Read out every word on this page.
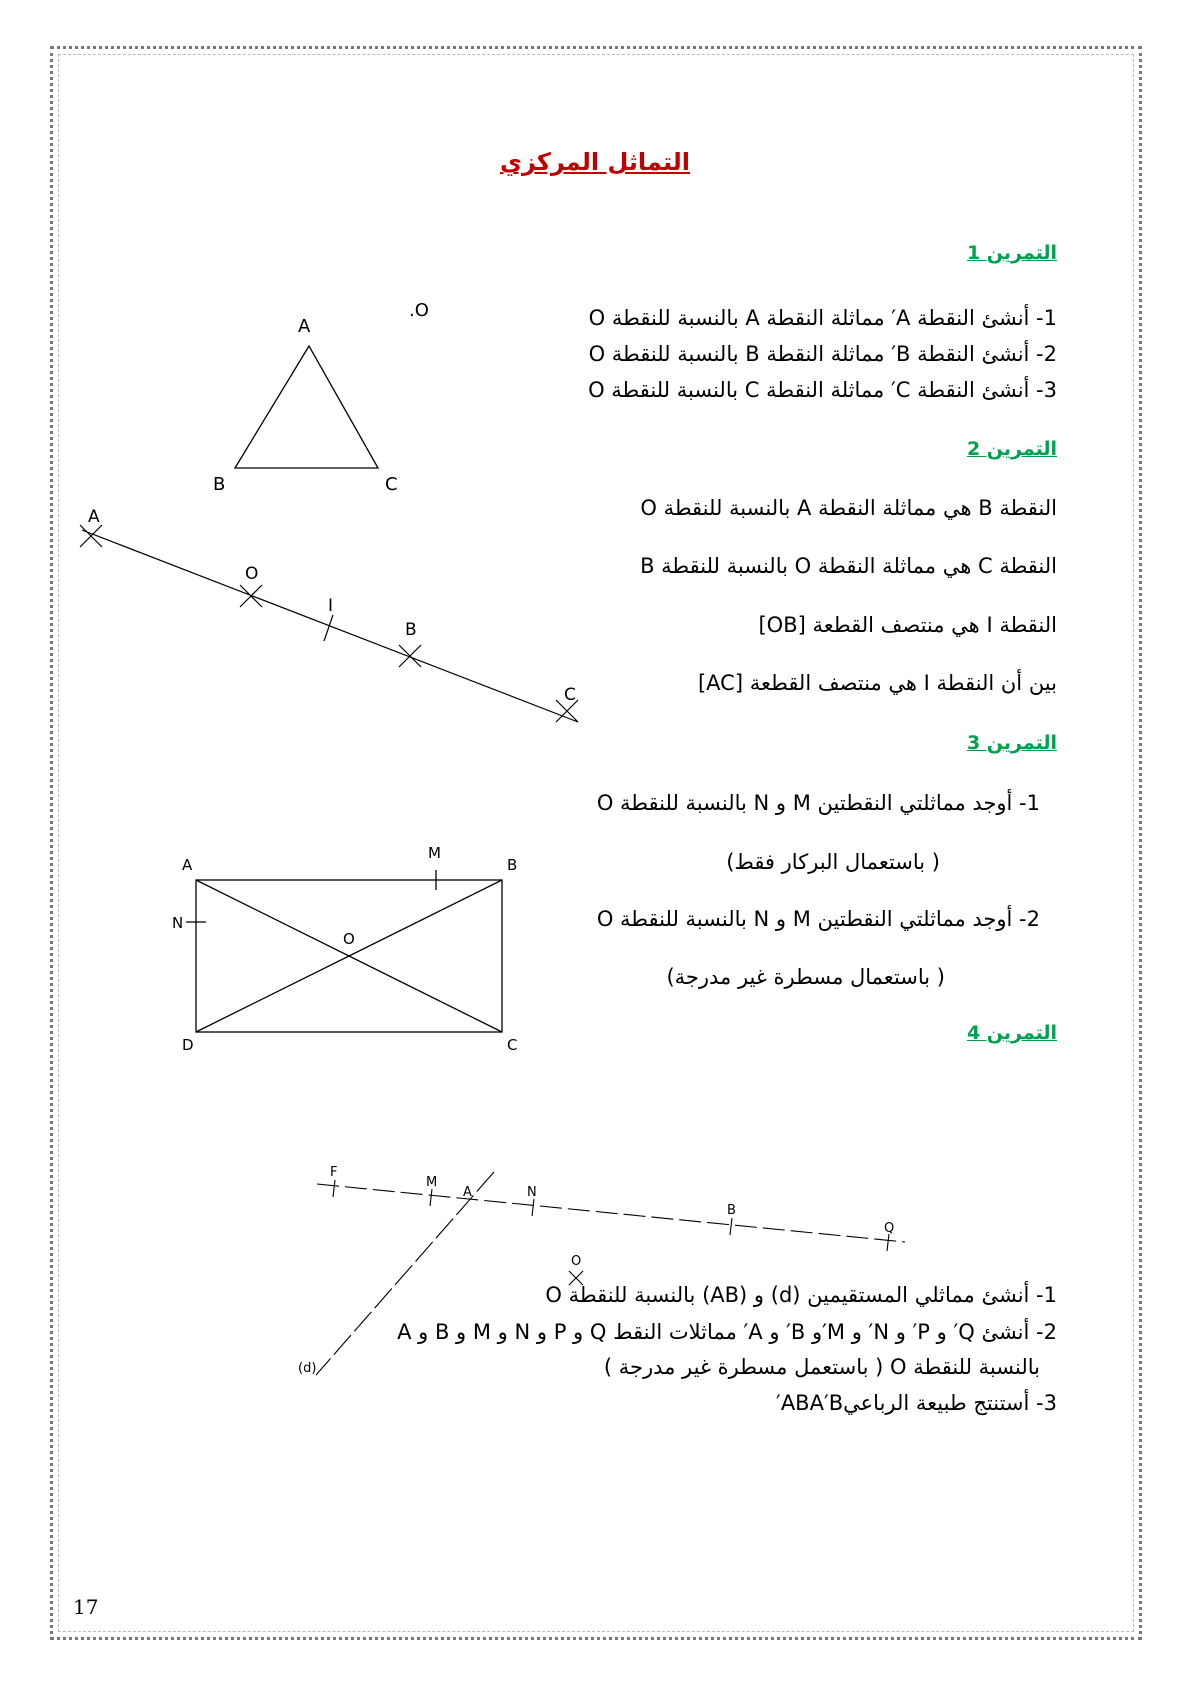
التماثل المركزي
التمرين 1
1- أنشئ النقطة A′ مماثلة النقطة A بالنسبة للنقطة O
2- أنشئ النقطة B′ مماثلة النقطة B بالنسبة للنقطة O
3- أنشئ النقطة C′ مماثلة النقطة C بالنسبة للنقطة O
التمرين 2
النقطة B هي مماثلة النقطة A بالنسبة للنقطة O
النقطة C هي مماثلة النقطة O بالنسبة للنقطة B
النقطة I هي منتصف القطعة [OB]
بين أن النقطة I هي منتصف القطعة [AC]
التمرين 3
1- أوجد مماثلتي النقطتين M و N بالنسبة للنقطة O
( باستعمال البركار فقط)
2- أوجد مماثلتي النقطتين M و N بالنسبة للنقطة O
( باستعمال مسطرة غير مدرجة)
التمرين 4
1- أنشئ مماثلي المستقيمين (d) و (AB) بالنسبة للنقطة O
2- أنشئ Q′ و P′ و N′ و M′و B′ و A′ مماثلات النقط Q و P و N و M و B و A
بالنسبة للنقطة O ( باستعمل مسطرة غير مدرجة )
3- أستنتج طبيعة الرباعيABA′B′
17
A
B	C
.O
A
O
I
B
C
A	B
C
D
M
N
O
F
M
A	N
B
Q
O
(d)
